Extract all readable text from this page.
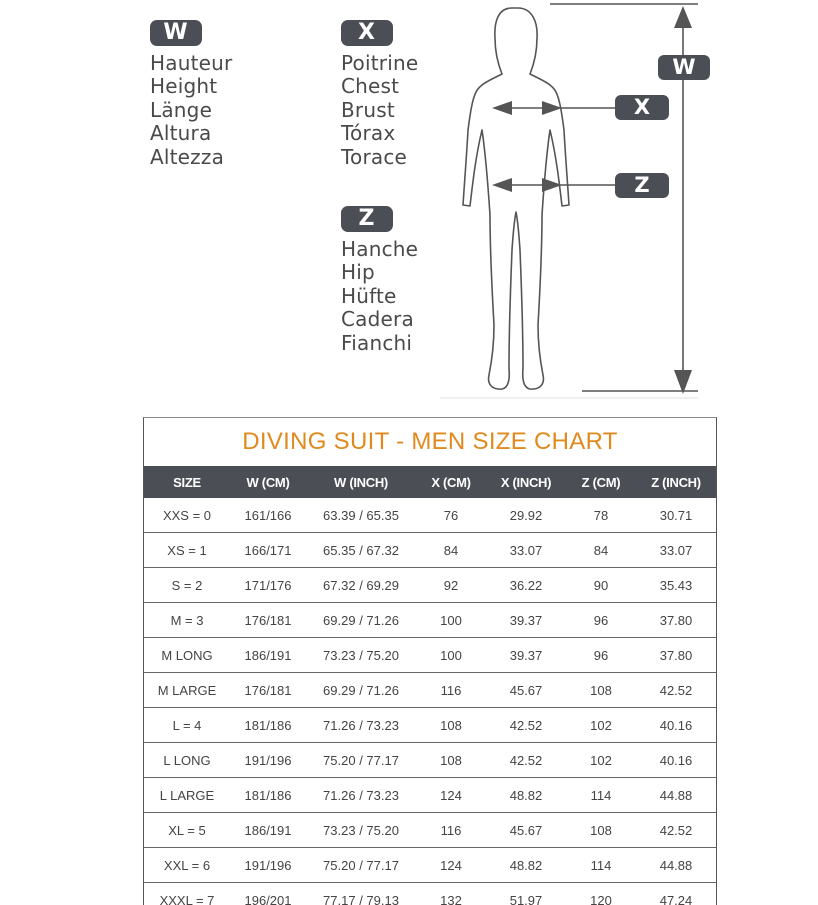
W
Hauteur
Height
Länge
Altura
Altezza
X
Poitrine
Chest
Brust
Tórax
Torace
Z
Hanche
Hip
Hüfte
Cadera
Fianchi
W
X
Z
DIVING SUIT - MEN SIZE CHART
SIZE	W (CM)	W (INCH)	X (CM)	X (INCH)	Z (CM)	Z (INCH)
XXS = 0	161/166	63.39 / 65.35	76	29.92	78	30.71
XS = 1	166/171	65.35 / 67.32	84	33.07	84	33.07
S = 2	171/176	67.32 / 69.29	92	36.22	90	35.43
M = 3	176/181	69.29 / 71.26	100	39.37	96	37.80
M LONG	186/191	73.23 / 75.20	100	39.37	96	37.80
M LARGE	176/181	69.29 / 71.26	116	45.67	108	42.52
L = 4	181/186	71.26 / 73.23	108	42.52	102	40.16
L LONG	191/196	75.20 / 77.17	108	42.52	102	40.16
L LARGE	181/186	71.26 / 73.23	124	48.82	114	44.88
XL = 5	186/191	73.23 / 75.20	116	45.67	108	42.52
XXL = 6	191/196	75.20 / 77.17	124	48.82	114	44.88
XXXL = 7	196/201	77.17 / 79.13	132	51.97	120	47.24
